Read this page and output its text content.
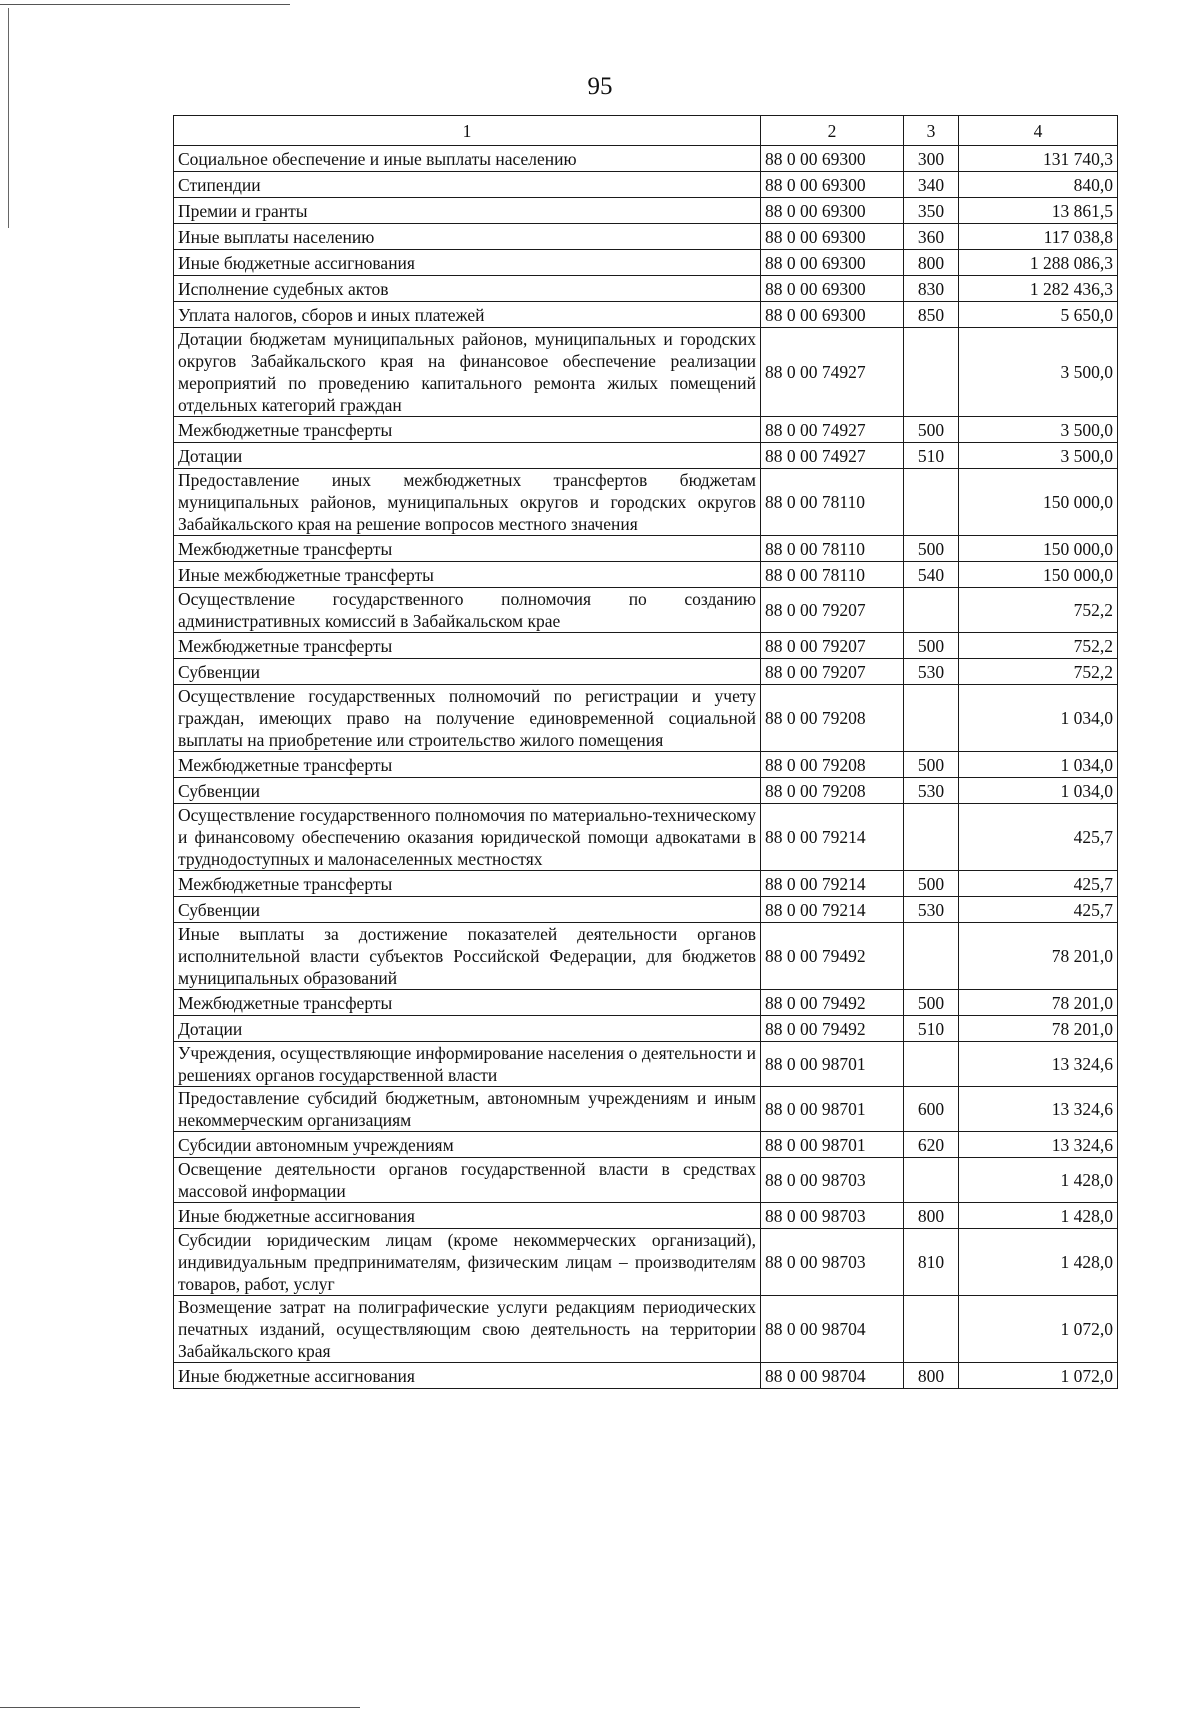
95
1	2	3	4
Социальное обеспечение и иные выплаты населению	88 0 00 69300	300	131 740,3
Стипендии	88 0 00 69300	340	840,0
Премии и гранты	88 0 00 69300	350	13 861,5
Иные выплаты населению	88 0 00 69300	360	117 038,8
Иные бюджетные ассигнования	88 0 00 69300	800	1 288 086,3
Исполнение судебных актов	88 0 00 69300	830	1 282 436,3
Уплата налогов, сборов и иных платежей	88 0 00 69300	850	5 650,0
Дотации бюджетам муниципальных районов, муниципальных и городских округов Забайкальского края на финансовое обеспечение реализации мероприятий по проведению капитального ремонта жилых помещений отдельных категорий граждан	88 0 00 74927		3 500,0
Межбюджетные трансферты	88 0 00 74927	500	3 500,0
Дотации	88 0 00 74927	510	3 500,0
Предоставление иных межбюджетных трансфертов бюджетам муниципальных районов, муниципальных округов и городских округов Забайкальского края на решение вопросов местного значения	88 0 00 78110		150 000,0
Межбюджетные трансферты	88 0 00 78110	500	150 000,0
Иные межбюджетные трансферты	88 0 00 78110	540	150 000,0
Осуществление государственного полномочия по созданию административных комиссий в Забайкальском крае	88 0 00 79207		752,2
Межбюджетные трансферты	88 0 00 79207	500	752,2
Субвенции	88 0 00 79207	530	752,2
Осуществление государственных полномочий по регистрации и учету граждан, имеющих право на получение единовременной социальной выплаты на приобретение или строительство жилого помещения	88 0 00 79208		1 034,0
Межбюджетные трансферты	88 0 00 79208	500	1 034,0
Субвенции	88 0 00 79208	530	1 034,0
Осуществление государственного полномочия по материально-техническому и финансовому обеспечению оказания юридической помощи адвокатами в труднодоступных и малонаселенных местностях	88 0 00 79214		425,7
Межбюджетные трансферты	88 0 00 79214	500	425,7
Субвенции	88 0 00 79214	530	425,7
Иные выплаты за достижение показателей деятельности органов исполнительной власти субъектов Российской Федерации, для бюджетов муниципальных образований	88 0 00 79492		78 201,0
Межбюджетные трансферты	88 0 00 79492	500	78 201,0
Дотации	88 0 00 79492	510	78 201,0
Учреждения, осуществляющие информирование населения о деятельности и решениях органов государственной власти	88 0 00 98701		13 324,6
Предоставление субсидий бюджетным, автономным учреждениям и иным некоммерческим организациям	88 0 00 98701	600	13 324,6
Субсидии автономным учреждениям	88 0 00 98701	620	13 324,6
Освещение деятельности органов государственной власти в средствах массовой информации	88 0 00 98703		1 428,0
Иные бюджетные ассигнования	88 0 00 98703	800	1 428,0
Субсидии юридическим лицам (кроме некоммерческих организаций), индивидуальным предпринимателям, физическим лицам – производителям товаров, работ, услуг	88 0 00 98703	810	1 428,0
Возмещение затрат на полиграфические услуги редакциям периодических печатных изданий, осуществляющим свою деятельность на территории Забайкальского края	88 0 00 98704		1 072,0
Иные бюджетные ассигнования	88 0 00 98704	800	1 072,0
